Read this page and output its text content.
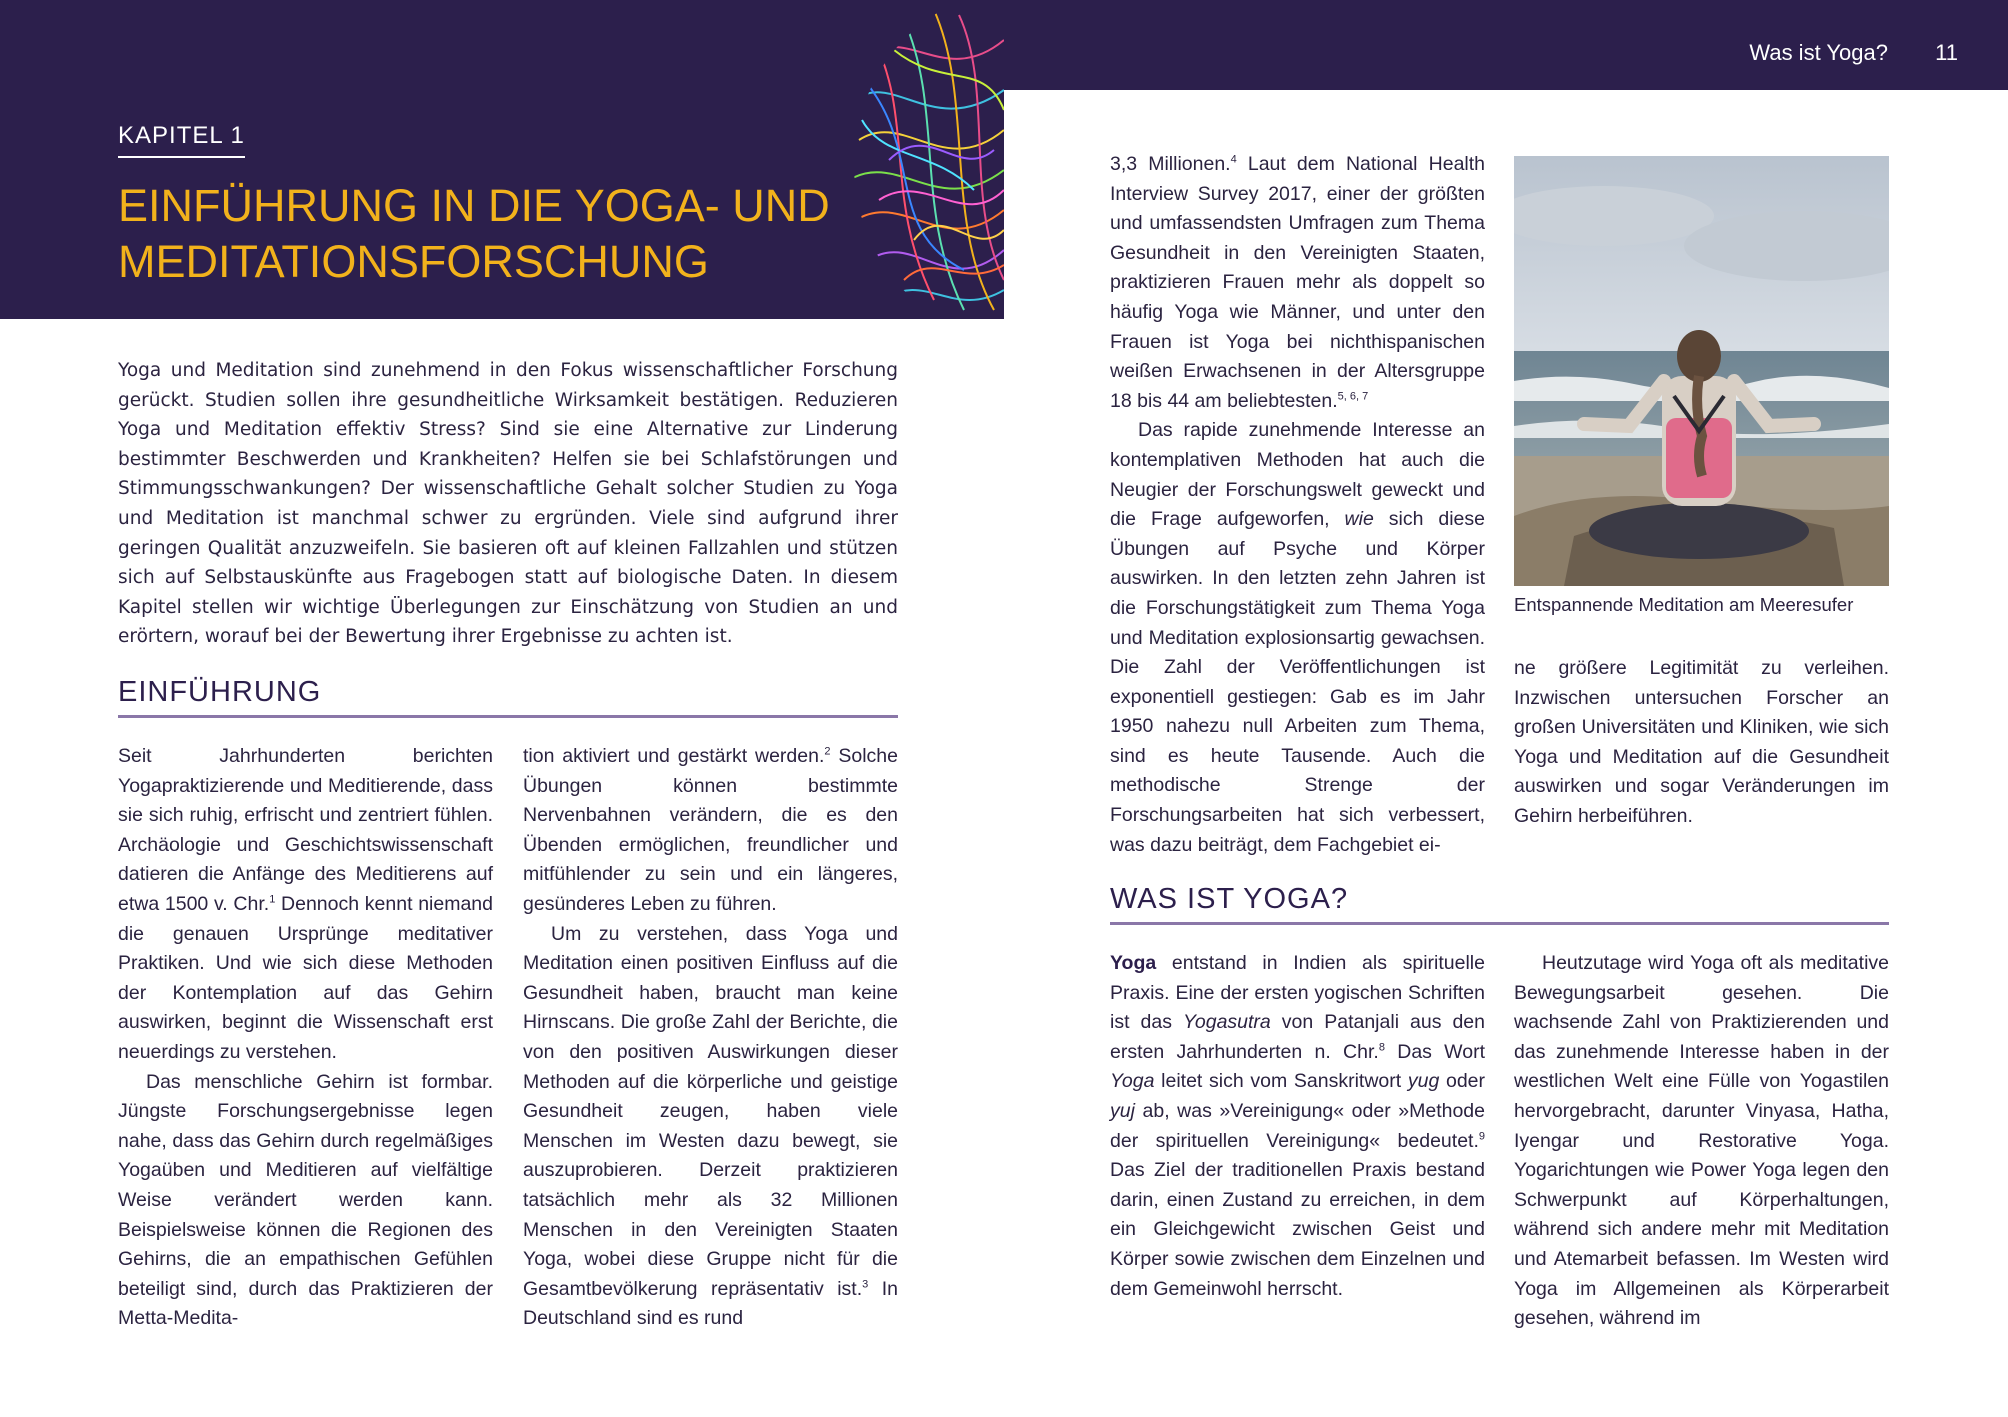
KAPITEL 1
EINFÜHRUNG IN DIE YOGA- UND
MEDITATIONSFORSCHUNG
Yoga und Meditation sind zunehmend in den Fokus wissenschaftlicher Forschung gerückt. Studien sollen ihre gesundheitliche Wirksamkeit bestätigen. Reduzieren Yoga und Meditation effektiv Stress? Sind sie eine Alternative zur Linderung bestimmter Beschwerden und Krankheiten? Helfen sie bei Schlafstörungen und Stimmungsschwankungen? Der wissenschaftliche Gehalt solcher Studien zu Yoga und Meditation ist manchmal schwer zu ergründen. Viele sind aufgrund ihrer geringen Qualität anzuzweifeln. Sie basieren oft auf kleinen Fallzahlen und stützen sich auf Selbstauskünfte aus Fragebogen statt auf biologische Daten. In diesem Kapitel stellen wir wichtige Überlegungen zur Einschätzung von Studien an und erörtern, worauf bei der Bewertung ihrer Ergebnisse zu achten ist.
EINFÜHRUNG

Seit Jahrhunderten berichten Yogapraktizierende und Meditierende, dass sie sich ruhig, erfrischt und zentriert fühlen. Archäologie und Geschichtswissenschaft datieren die Anfänge des Meditierens auf etwa 1500 v. Chr.$^1$ Dennoch kennt niemand die genauen Ursprünge meditativer Praktiken. Und wie sich diese Methoden der Kontemplation auf das Gehirn auswirken, beginnt die Wissenschaft erst neuerdings zu verstehen.

Das menschliche Gehirn ist formbar. Jüngste Forschungsergebnisse legen nahe, dass das Gehirn durch regelmäßiges Yogaüben und Meditieren auf vielfältige Weise verändert werden kann. Beispielsweise können die Regionen des Gehirns, die an empathischen Gefühlen beteiligt sind, durch das Praktizieren der Metta-Medita-

tion aktiviert und gestärkt werden.$^2$ Solche Übungen können bestimmte Nervenbahnen verändern, die es den Übenden ermöglichen, freundlicher und mitfühlender zu sein und ein längeres, gesünderes Leben zu führen.

Um zu verstehen, dass Yoga und Meditation einen positiven Einfluss auf die Gesundheit haben, braucht man keine Hirnscans. Die große Zahl der Berichte, die von den positiven Auswirkungen dieser Methoden auf die körperliche und geistige Gesundheit zeugen, haben viele Menschen im Westen dazu bewegt, sie auszuprobieren. Derzeit praktizieren tatsächlich mehr als 32 Millionen Menschen in den Vereinigten Staaten Yoga, wobei diese Gruppe nicht für die Gesamtbevölkerung repräsentativ ist.$^3$ In Deutschland sind es rund

Was ist Yoga? 11

3,3 Millionen.$^4$ Laut dem National Health Interview Survey 2017, einer der größten und umfassendsten Umfragen zum Thema Gesundheit in den Vereinigten Staaten, praktizieren Frauen mehr als doppelt so häufig Yoga wie Männer, und unter den Frauen ist Yoga bei nichthispanischen weißen Erwachsenen in der Altersgruppe 18 bis 44 am beliebtesten.$^{5, 6, 7}$

Das rapide zunehmende Interesse an kontemplativen Methoden hat auch die Neugier der Forschungswelt geweckt und die Frage aufgeworfen, wie sich diese Übungen auf Psyche und Körper auswirken. In den letzten zehn Jahren ist die Forschungstätigkeit zum Thema Yoga und Meditation explosionsartig gewachsen. Die Zahl der Veröffentlichungen ist exponentiell gestiegen: Gab es im Jahr 1950 nahezu null Arbeiten zum Thema, sind es heute Tausende. Auch die methodische Strenge der Forschungsarbeiten hat sich verbessert, was dazu beiträgt, dem Fachgebiet ei-

Entspannende Meditation am Meeresufer

ne größere Legitimität zu verleihen. Inzwischen untersuchen Forscher an großen Universitäten und Kliniken, wie sich Yoga und Meditation auf die Gesundheit auswirken und sogar Veränderungen im Gehirn herbeiführen.

WAS IST YOGA?

Yoga entstand in Indien als spirituelle Praxis. Eine der ersten yogischen Schriften ist das Yogasutra von Patanjali aus den ersten Jahrhunderten n. Chr.$^8$ Das Wort Yoga leitet sich vom Sanskritwort yug oder yuj ab, was »Vereinigung« oder »Methode der spirituellen Vereinigung« bedeutet.$^9$ Das Ziel der traditionellen Praxis bestand darin, einen Zustand zu erreichen, in dem ein Gleichgewicht zwischen Geist und Körper sowie zwischen dem Einzelnen und dem Gemeinwohl herrscht.

Heutzutage wird Yoga oft als meditative Bewegungsarbeit gesehen. Die wachsende Zahl von Praktizierenden und das zunehmende Interesse haben in der westlichen Welt eine Fülle von Yogastilen hervorgebracht, darunter Vinyasa, Hatha, Iyengar und Restorative Yoga. Yogarichtungen wie Power Yoga legen den Schwerpunkt auf Körperhaltungen, während sich andere mehr mit Meditation und Atemarbeit befassen. Im Westen wird Yoga im Allgemeinen als Körperarbeit gesehen, während im
